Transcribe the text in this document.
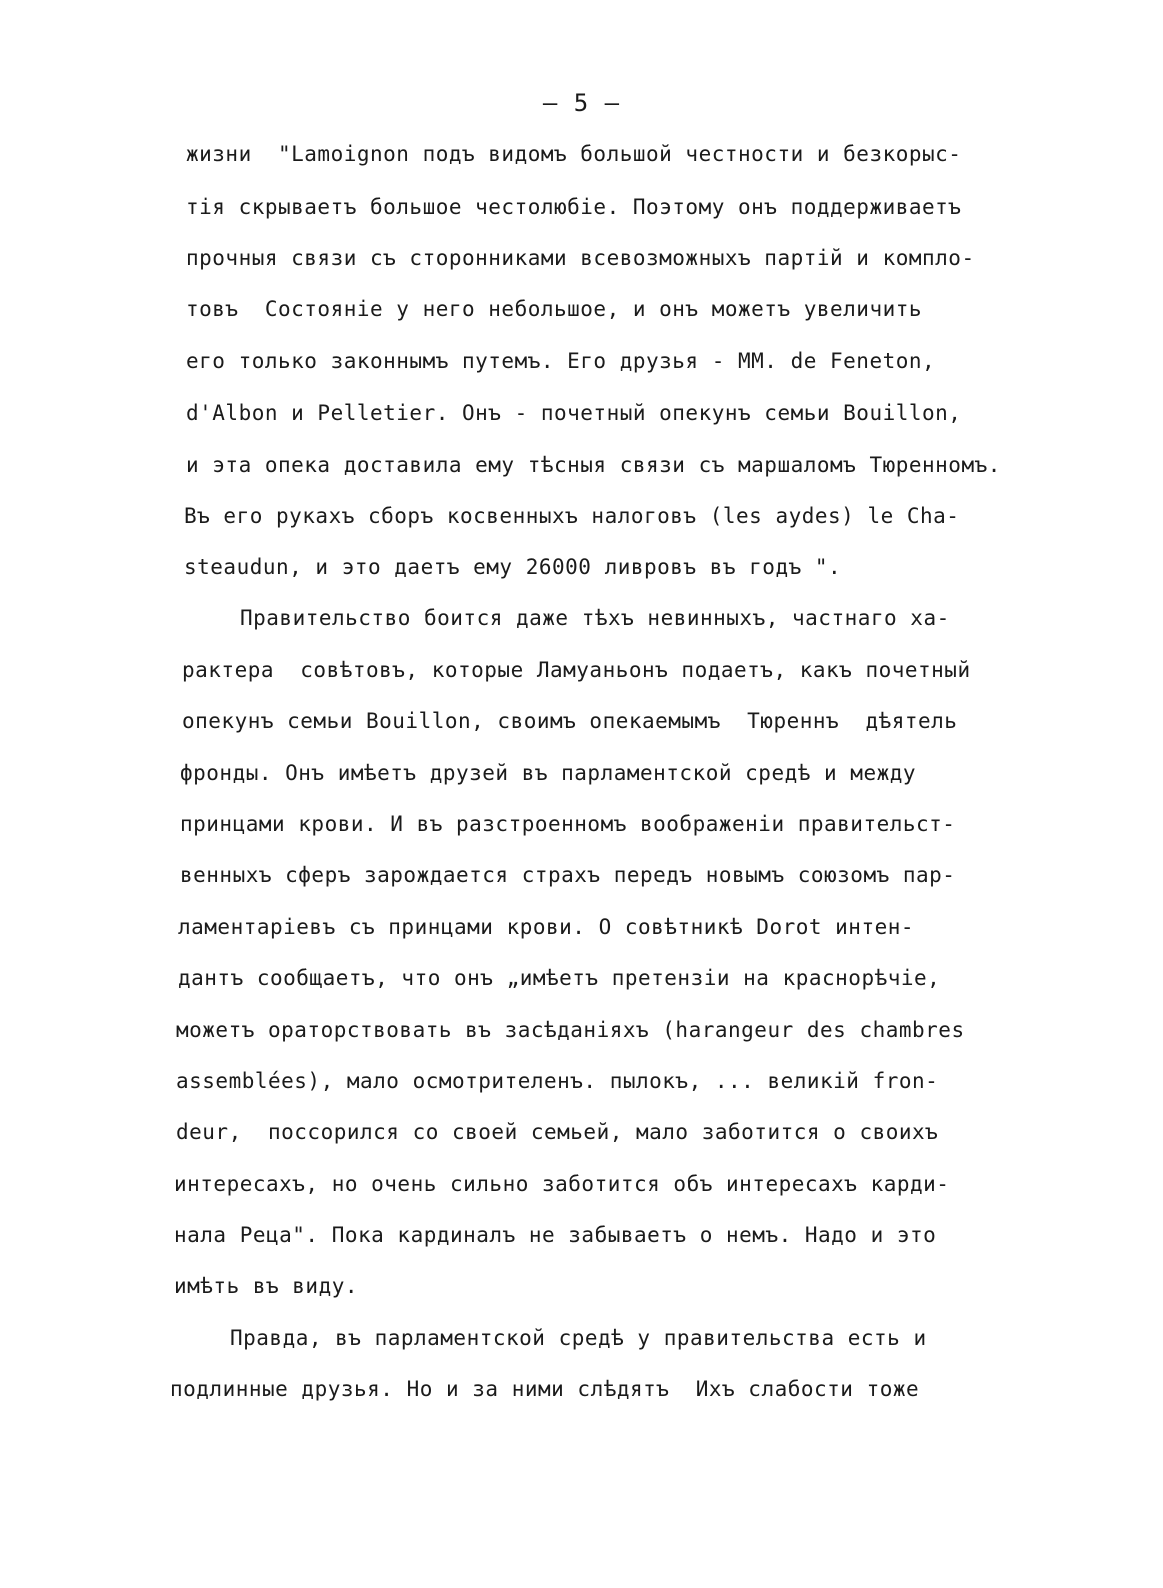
— 5 —
жизни  "Lamoignon подъ видомъ большой честности и безкорыс-
тія скрываетъ большое честолюбіе. Поэтому онъ поддерживаетъ
прочныя связи съ сторонниками всевозможныхъ партій и компло-
товъ  Состояніе у него небольшое, и онъ можетъ увеличить
его только законнымъ путемъ. Его друзья - ММ. de Feneton,
d'Albon и Pelletier. Онъ - почетный опекунъ семьи Bouillon,
и эта опека доставила ему тѣсныя связи съ маршаломъ Тюренномъ.
Въ его рукахъ сборъ косвенныхъ налоговъ (les aydes) le Cha-
steaudun, и это даетъ ему 26000 ливровъ въ годъ ".
Правительство боится даже тѣхъ невинныхъ, частнаго ха-
рактера  совѣтовъ, которые Ламуаньонъ подаетъ, какъ почетный
опекунъ семьи Bouillon, своимъ опекаемымъ  Тюреннъ  дѣятель
фронды. Онъ имѣетъ друзей въ парламентской средѣ и между
принцами крови. И въ разстроенномъ воображеніи правительст-
венныхъ сферъ зарождается страхъ передъ новымъ союзомъ пар-
ламентаріевъ съ принцами крови. О совѣтникѣ Dorot интен-
дантъ сообщаетъ, что онъ „имѣетъ претензіи на краснорѣчіе,
можетъ ораторствовать въ засѣданіяхъ (harangeur des chambres
assemblées), мало осмотрителенъ. пылокъ, ... великій fron-
deur,  поссорился со своей семьей, мало заботится о своихъ
интересахъ, но очень сильно заботится объ интересахъ карди-
нала Реца". Пока кардиналъ не забываетъ о немъ. Надо и это
имѣть въ виду.
Правда, въ парламентской средѣ у правительства есть и
подлинные друзья. Но и за ними слѣдятъ  Ихъ слабости тоже
